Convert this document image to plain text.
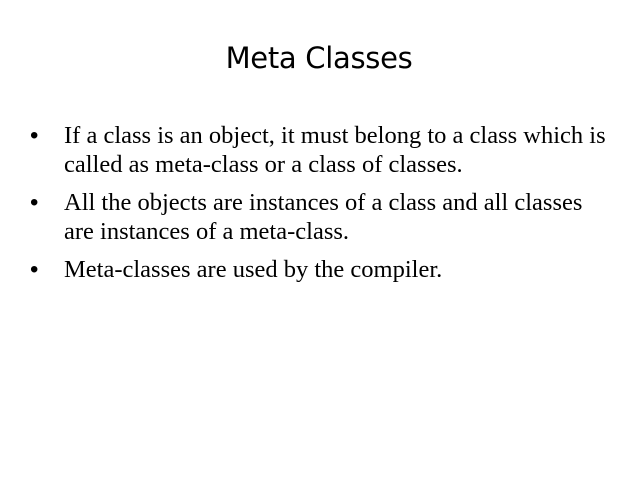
Meta Classes
• If a class is an object, it must belong to a class which is called as meta-class or a class of classes.
• All the objects are instances of a class and all classes are instances of a meta-class.
• Meta-classes are used by the compiler.
